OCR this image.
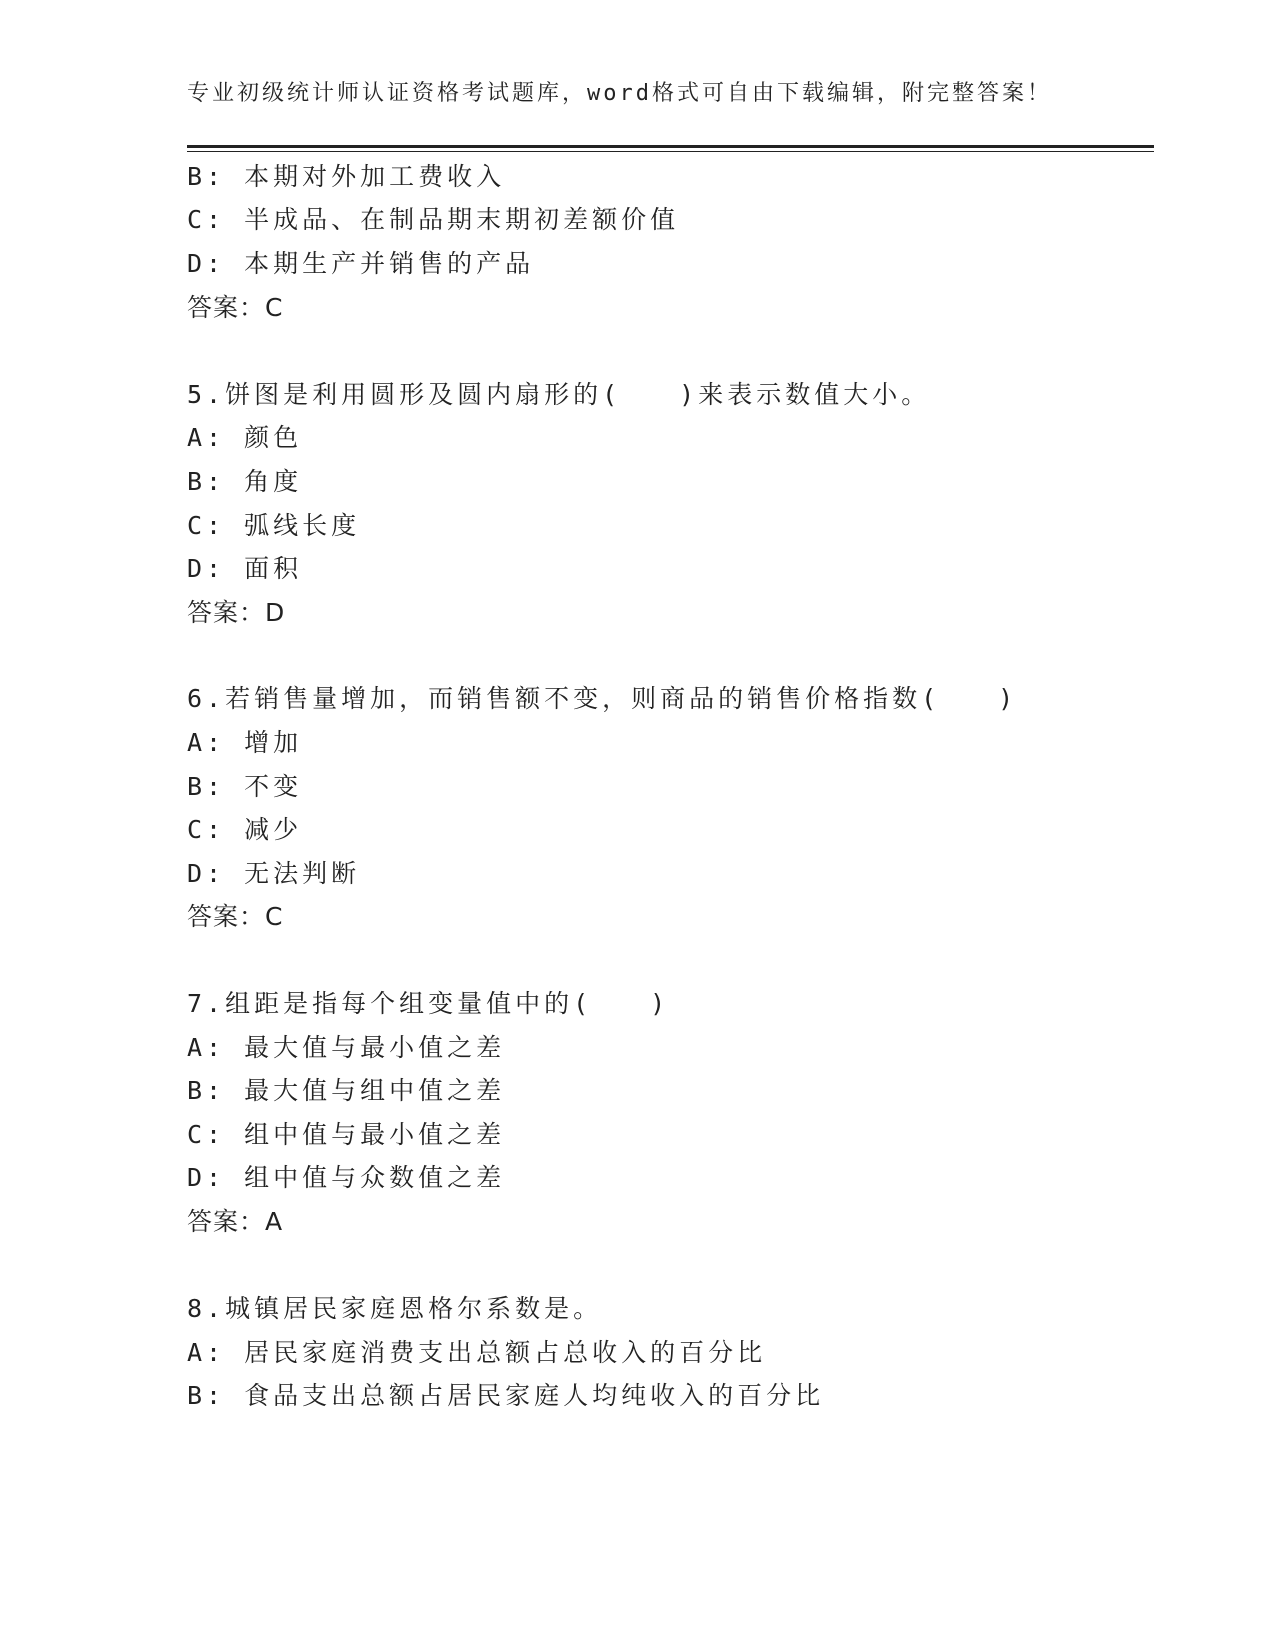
专业初级统计师认证资格考试题库，word格式可自由下载编辑，附完整答案！
B: 本期对外加工费收入
C: 半成品、在制品期末期初差额价值
D: 本期生产并销售的产品
答案：C
5.饼图是利用圆形及圆内扇形的(　　)来表示数值大小。
A: 颜色
B: 角度
C: 弧线长度
D: 面积
答案：D
6.若销售量增加，而销售额不变，则商品的销售价格指数(　　)
A: 增加
B: 不变
C: 减少
D: 无法判断
答案：C
7.组距是指每个组变量值中的(　　)
A: 最大值与最小值之差
B: 最大值与组中值之差
C: 组中值与最小值之差
D: 组中值与众数值之差
答案：A
8.城镇居民家庭恩格尔系数是。
A: 居民家庭消费支出总额占总收入的百分比
B: 食品支出总额占居民家庭人均纯收入的百分比
